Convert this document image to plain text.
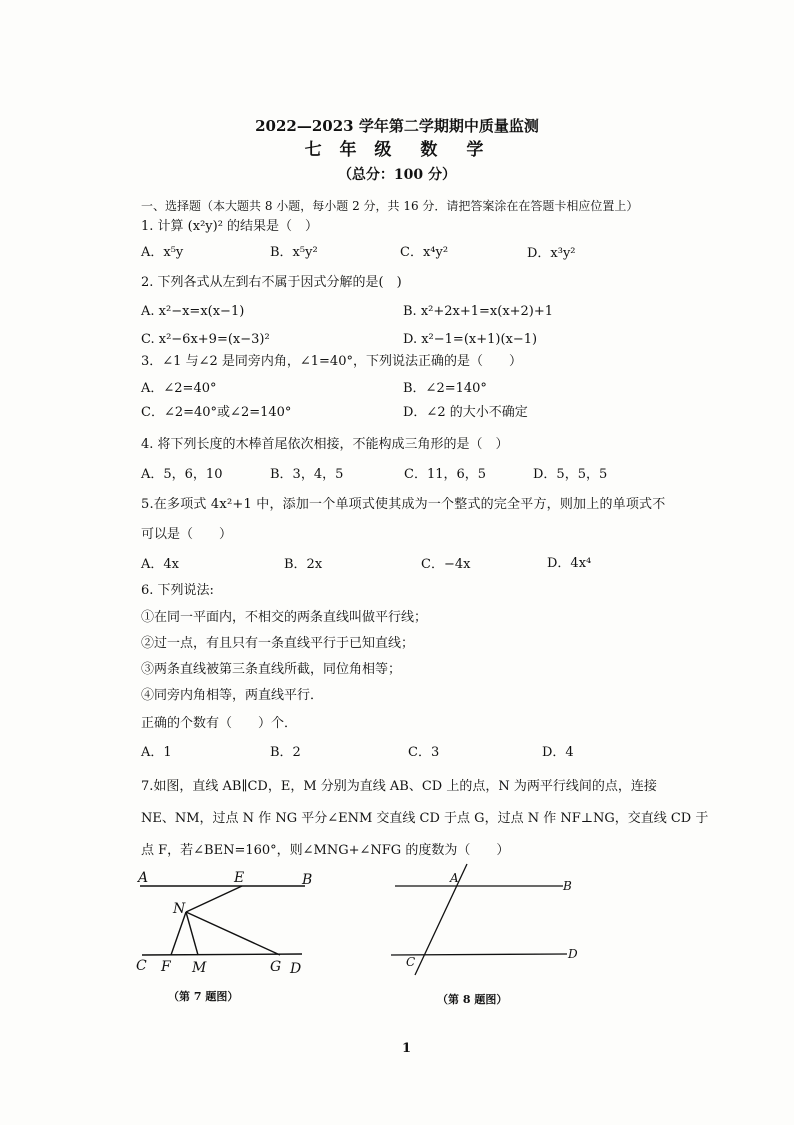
2022—2023 学年第二学期期中质量监测
七 年 级　数　学
（总分：100 分）
一、选择题（本大题共 8 小题，每小题 2 分，共 16 分．请把答案涂在在答题卡相应位置上）
1. 计算 (x²y)² 的结果是（　）
A．x⁵y	B．x⁵y²	C．x⁴y²	D．x³y²
2. 下列各式从左到右不属于因式分解的是(　)
A. x²−x=x(x−1)	B. x²+2x+1=x(x+2)+1
C. x²−6x+9=(x−3)²	D. x²−1=(x+1)(x−1)
3．∠1 与∠2 是同旁内角，∠1=40°，下列说法正确的是（　　）
A．∠2=40°	B．∠2=140°
C．∠2=40°或∠2=140°	D．∠2 的大小不确定
4. 将下列长度的木棒首尾依次相接，不能构成三角形的是（　）
A．5，6，10	B．3，4，5	C．11，6，5	D．5，5，5
5.在多项式 4x²+1 中，添加一个单项式使其成为一个整式的完全平方，则加上的单项式不
可以是（　　）
A．4x	B．2x	C．−4x	D．4x⁴
6. 下列说法:
①在同一平面内，不相交的两条直线叫做平行线；
②过一点，有且只有一条直线平行于已知直线；
③两条直线被第三条直线所截，同位角相等；
④同旁内角相等，两直线平行．
正确的个数有（　　）个．
A．1	B．2	C．3	D．4
7.如图，直线 AB∥CD，E，M 分别为直线 AB、CD 上的点，N 为两平行线间的点，连接
NE、NM，过点 N 作 NG 平分∠ENM 交直线 CD 于点 G，过点 N 作 NF⊥NG，交直线 CD 于
点 F，若∠BEN=160°，则∠MNG+∠NFG 的度数为（　　）
A	E	B
N
C F M	G D
（第 7 题图）
A
B
C
D
（第 8 题图）
1
